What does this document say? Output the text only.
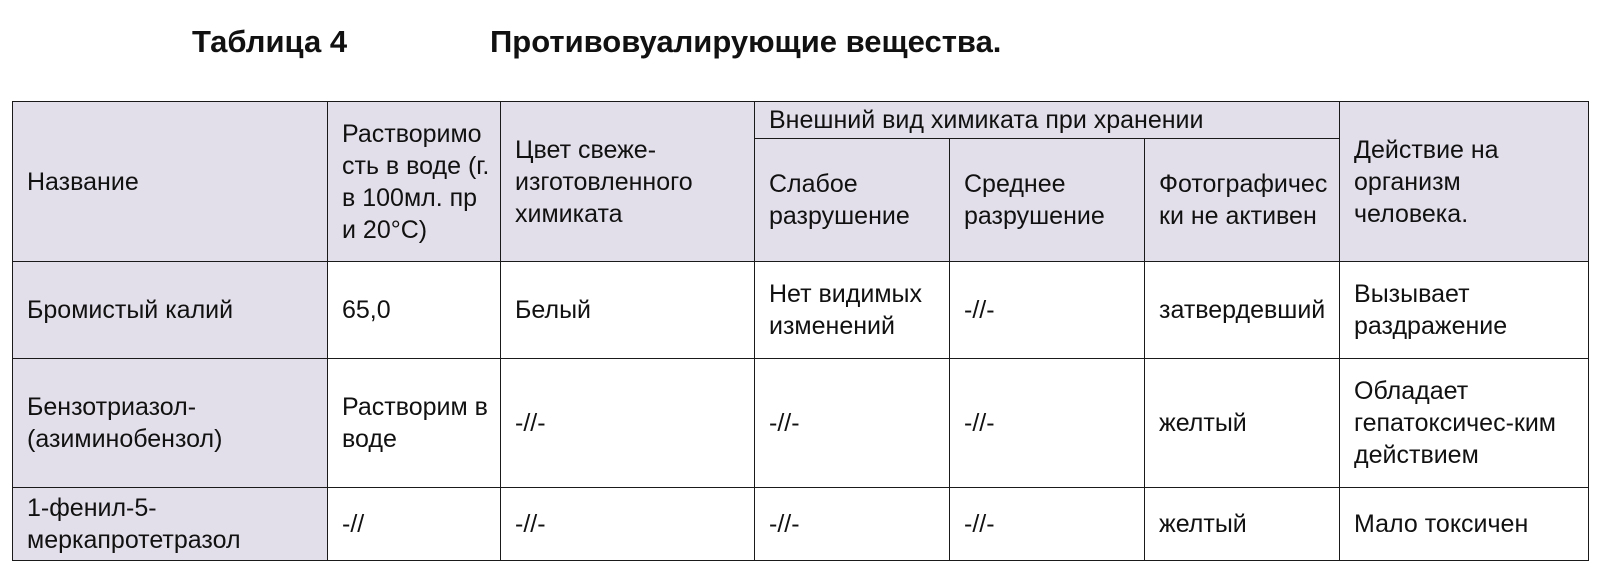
Таблица 4	Противовуалирующие вещества.
Название	Растворимость в воде (г.в 100мл. при 20°С)	Цвет свеже-изготовленного химиката	Внешний вид химиката при хранении			Действие на организм человека.
			Слабое разрушение	Среднее разрушение	Фотографически не активен	
Бромистый калий	65,0	Белый	Нет видимых изменений	-//-	затвердевший	Вызывает раздражение
Бензотриазол-(азиминобензол)	Растворим в воде	-//-	-//-	-//-	желтый	Обладает гепатоксичес-ким действием
1-фенил-5-меркапротетразол	-//	-//-	-//-	-//-	желтый	Мало токсичен
